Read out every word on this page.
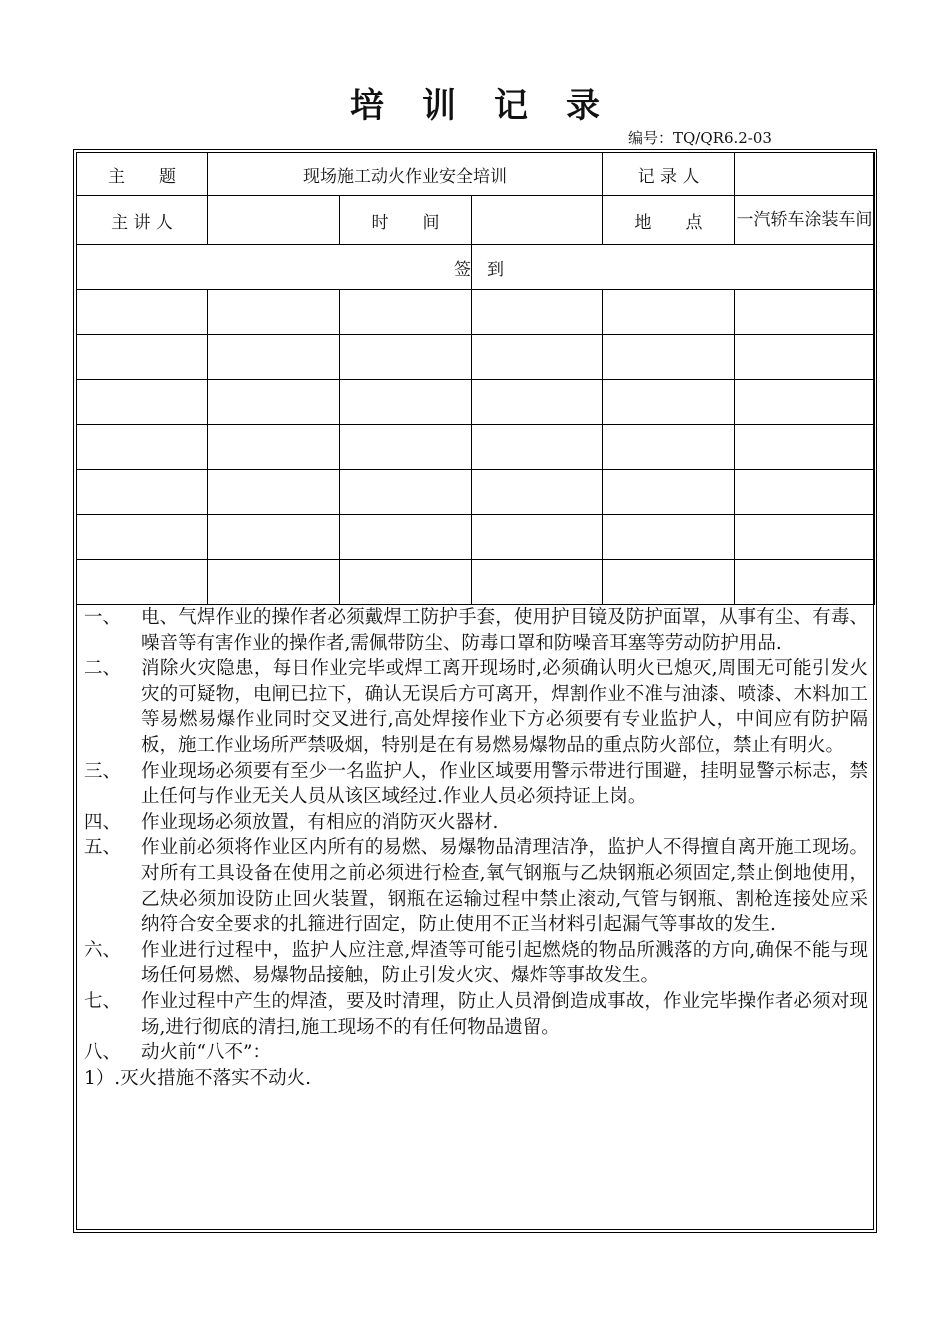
培训记录
编号：TQ/QR6.2-03
主　　题	现场施工动火作业安全培训			记 录 人	
主 讲 人		时　　间		地　　点	一汽轿车涂装车间
签			到		

一、	电、气焊作业的操作者必须戴焊工防护手套，使用护目镜及防护面罩，从事有尘、有毒、噪音等有害作业的操作者,需佩带防尘、防毒口罩和防噪音耳塞等劳动防护用品.
二、	消除火灾隐患，每日作业完毕或焊工离开现场时,必须确认明火已熄灭,周围无可能引发火灾的可疑物，电闸已拉下，确认无误后方可离开，焊割作业不准与油漆、喷漆、木料加工等易燃易爆作业同时交叉进行,高处焊接作业下方必须要有专业监护人，中间应有防护隔板，施工作业场所严禁吸烟，特别是在有易燃易爆物品的重点防火部位，禁止有明火。
三、	作业现场必须要有至少一名监护人，作业区域要用警示带进行围避，挂明显警示标志，禁止任何与作业无关人员从该区域经过.作业人员必须持证上岗。
四、	作业现场必须放置，有相应的消防灭火器材.
五、	作业前必须将作业区内所有的易燃、易爆物品清理洁净，监护人不得擅自离开施工现场。对所有工具设备在使用之前必须进行检查,氧气钢瓶与乙炔钢瓶必须固定,禁止倒地使用，乙炔必须加设防止回火装置，钢瓶在运输过程中禁止滚动,气管与钢瓶、割枪连接处应采纳符合安全要求的扎箍进行固定，防止使用不正当材料引起漏气等事故的发生.
六、	作业进行过程中，监护人应注意,焊渣等可能引起燃烧的物品所溅落的方向,确保不能与现场任何易燃、易爆物品接触，防止引发火灾、爆炸等事故发生。
七、	作业过程中产生的焊渣，要及时清理，防止人员滑倒造成事故，作业完毕操作者必须对现场,进行彻底的清扫,施工现场不的有任何物品遗留。
八、	动火前“八不”：
1）.灭火措施不落实不动火.
